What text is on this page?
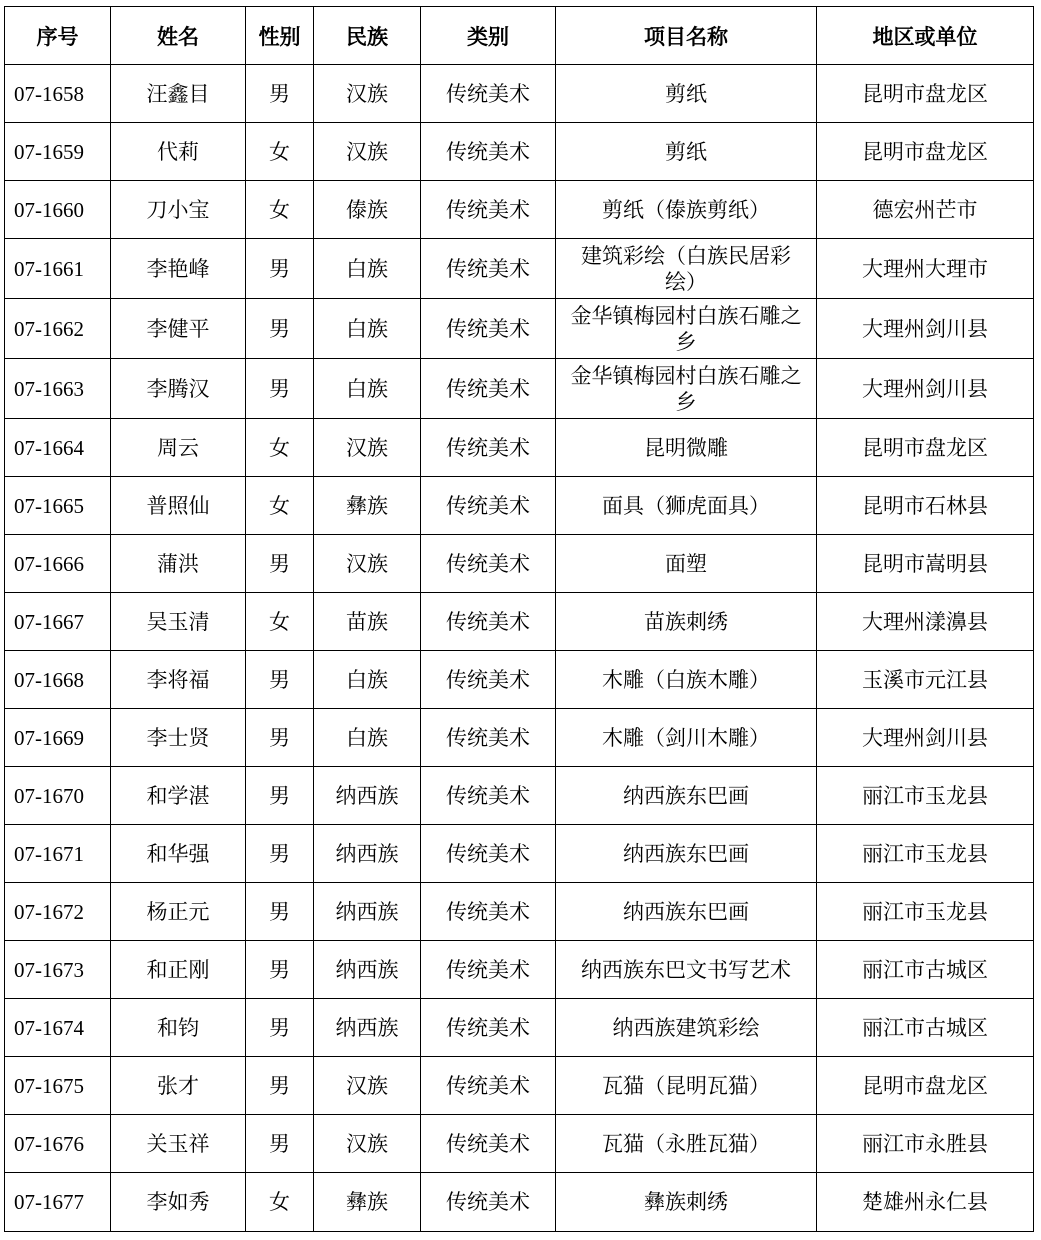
序号	姓名	性别	民族	类别	项目名称	地区或单位
07-1658	汪鑫目	男	汉族	传统美术	剪纸	昆明市盘龙区
07-1659	代莉	女	汉族	传统美术	剪纸	昆明市盘龙区
07-1660	刀小宝	女	傣族	传统美术	剪纸（傣族剪纸）	德宏州芒市
07-1661	李艳峰	男	白族	传统美术	建筑彩绘（白族民居彩绘）	大理州大理市
07-1662	李健平	男	白族	传统美术	金华镇梅园村白族石雕之乡	大理州剑川县
07-1663	李腾汉	男	白族	传统美术	金华镇梅园村白族石雕之乡	大理州剑川县
07-1664	周云	女	汉族	传统美术	昆明微雕	昆明市盘龙区
07-1665	普照仙	女	彝族	传统美术	面具（狮虎面具）	昆明市石林县
07-1666	蒲洪	男	汉族	传统美术	面塑	昆明市嵩明县
07-1667	吴玉清	女	苗族	传统美术	苗族刺绣	大理州漾濞县
07-1668	李将福	男	白族	传统美术	木雕（白族木雕）	玉溪市元江县
07-1669	李士贤	男	白族	传统美术	木雕（剑川木雕）	大理州剑川县
07-1670	和学湛	男	纳西族	传统美术	纳西族东巴画	丽江市玉龙县
07-1671	和华强	男	纳西族	传统美术	纳西族东巴画	丽江市玉龙县
07-1672	杨正元	男	纳西族	传统美术	纳西族东巴画	丽江市玉龙县
07-1673	和正刚	男	纳西族	传统美术	纳西族东巴文书写艺术	丽江市古城区
07-1674	和钧	男	纳西族	传统美术	纳西族建筑彩绘	丽江市古城区
07-1675	张才	男	汉族	传统美术	瓦猫（昆明瓦猫）	昆明市盘龙区
07-1676	关玉祥	男	汉族	传统美术	瓦猫（永胜瓦猫）	丽江市永胜县
07-1677	李如秀	女	彝族	传统美术	彝族刺绣	楚雄州永仁县
